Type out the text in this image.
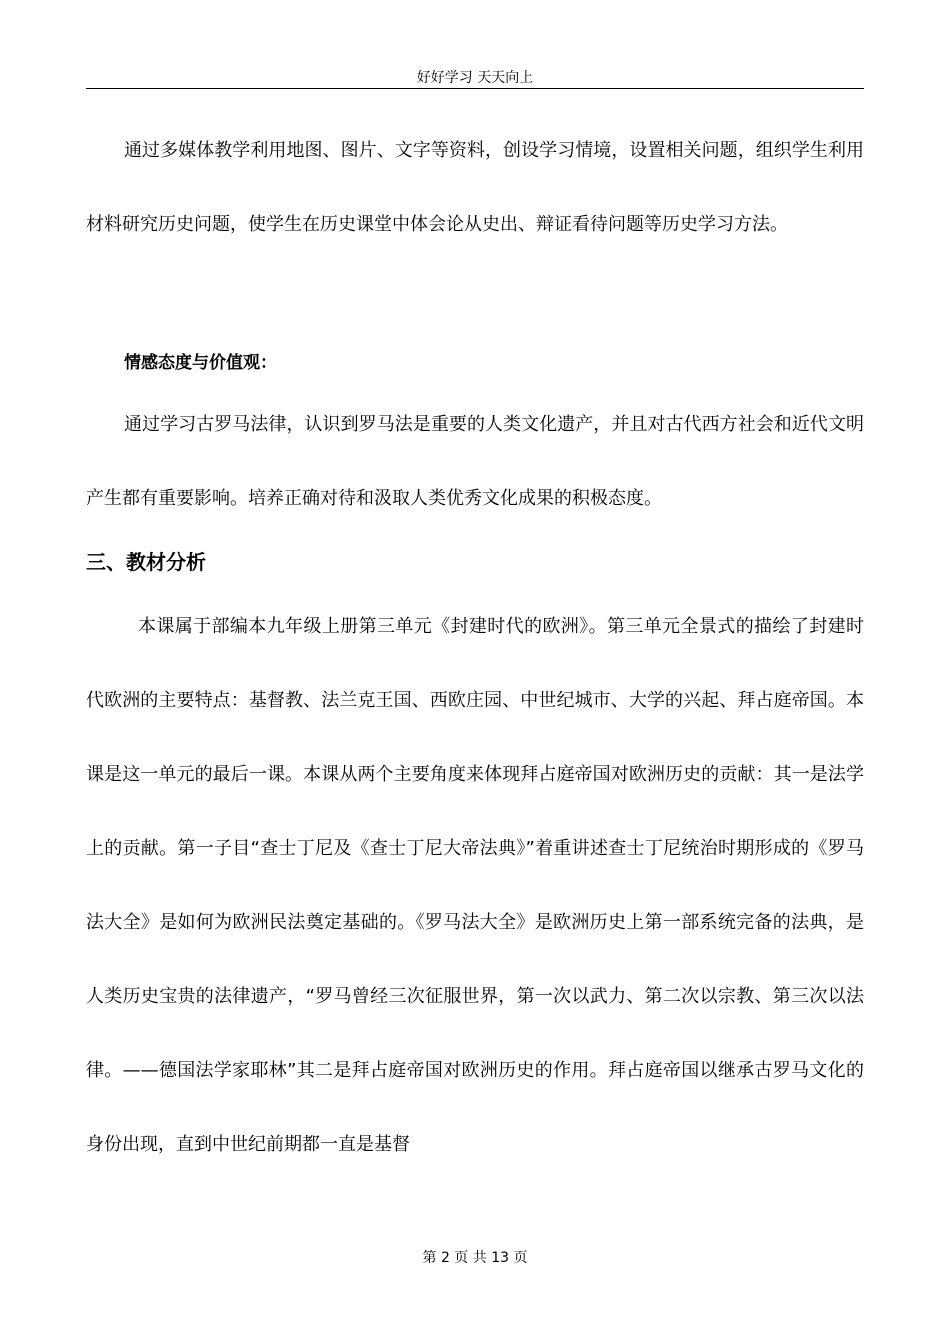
好好学习 天天向上
通过多媒体教学利用地图、图片、文字等资料，创设学习情境，设置相关问题，组织学生利用材料研究历史问题，使学生在历史课堂中体会论从史出、辩证看待问题等历史学习方法。
情感态度与价值观：
通过学习古罗马法律，认识到罗马法是重要的人类文化遗产，并且对古代西方社会和近代文明产生都有重要影响。培养正确对待和汲取人类优秀文化成果的积极态度。
三、教材分析
本课属于部编本九年级上册第三单元《封建时代的欧洲》。第三单元全景式的描绘了封建时代欧洲的主要特点：基督教、法兰克王国、西欧庄园、中世纪城市、大学的兴起、拜占庭帝国。本课是这一单元的最后一课。本课从两个主要角度来体现拜占庭帝国对欧洲历史的贡献：其一是法学上的贡献。第一子目“查士丁尼及《查士丁尼大帝法典》”着重讲述查士丁尼统治时期形成的《罗马法大全》是如何为欧洲民法奠定基础的。《罗马法大全》是欧洲历史上第一部系统完备的法典，是人类历史宝贵的法律遗产，“罗马曾经三次征服世界，第一次以武力、第二次以宗教、第三次以法律。——德国法学家耶林”其二是拜占庭帝国对欧洲历史的作用。拜占庭帝国以继承古罗马文化的身份出现，直到中世纪前期都一直是基督
第 2 页 共 13 页
